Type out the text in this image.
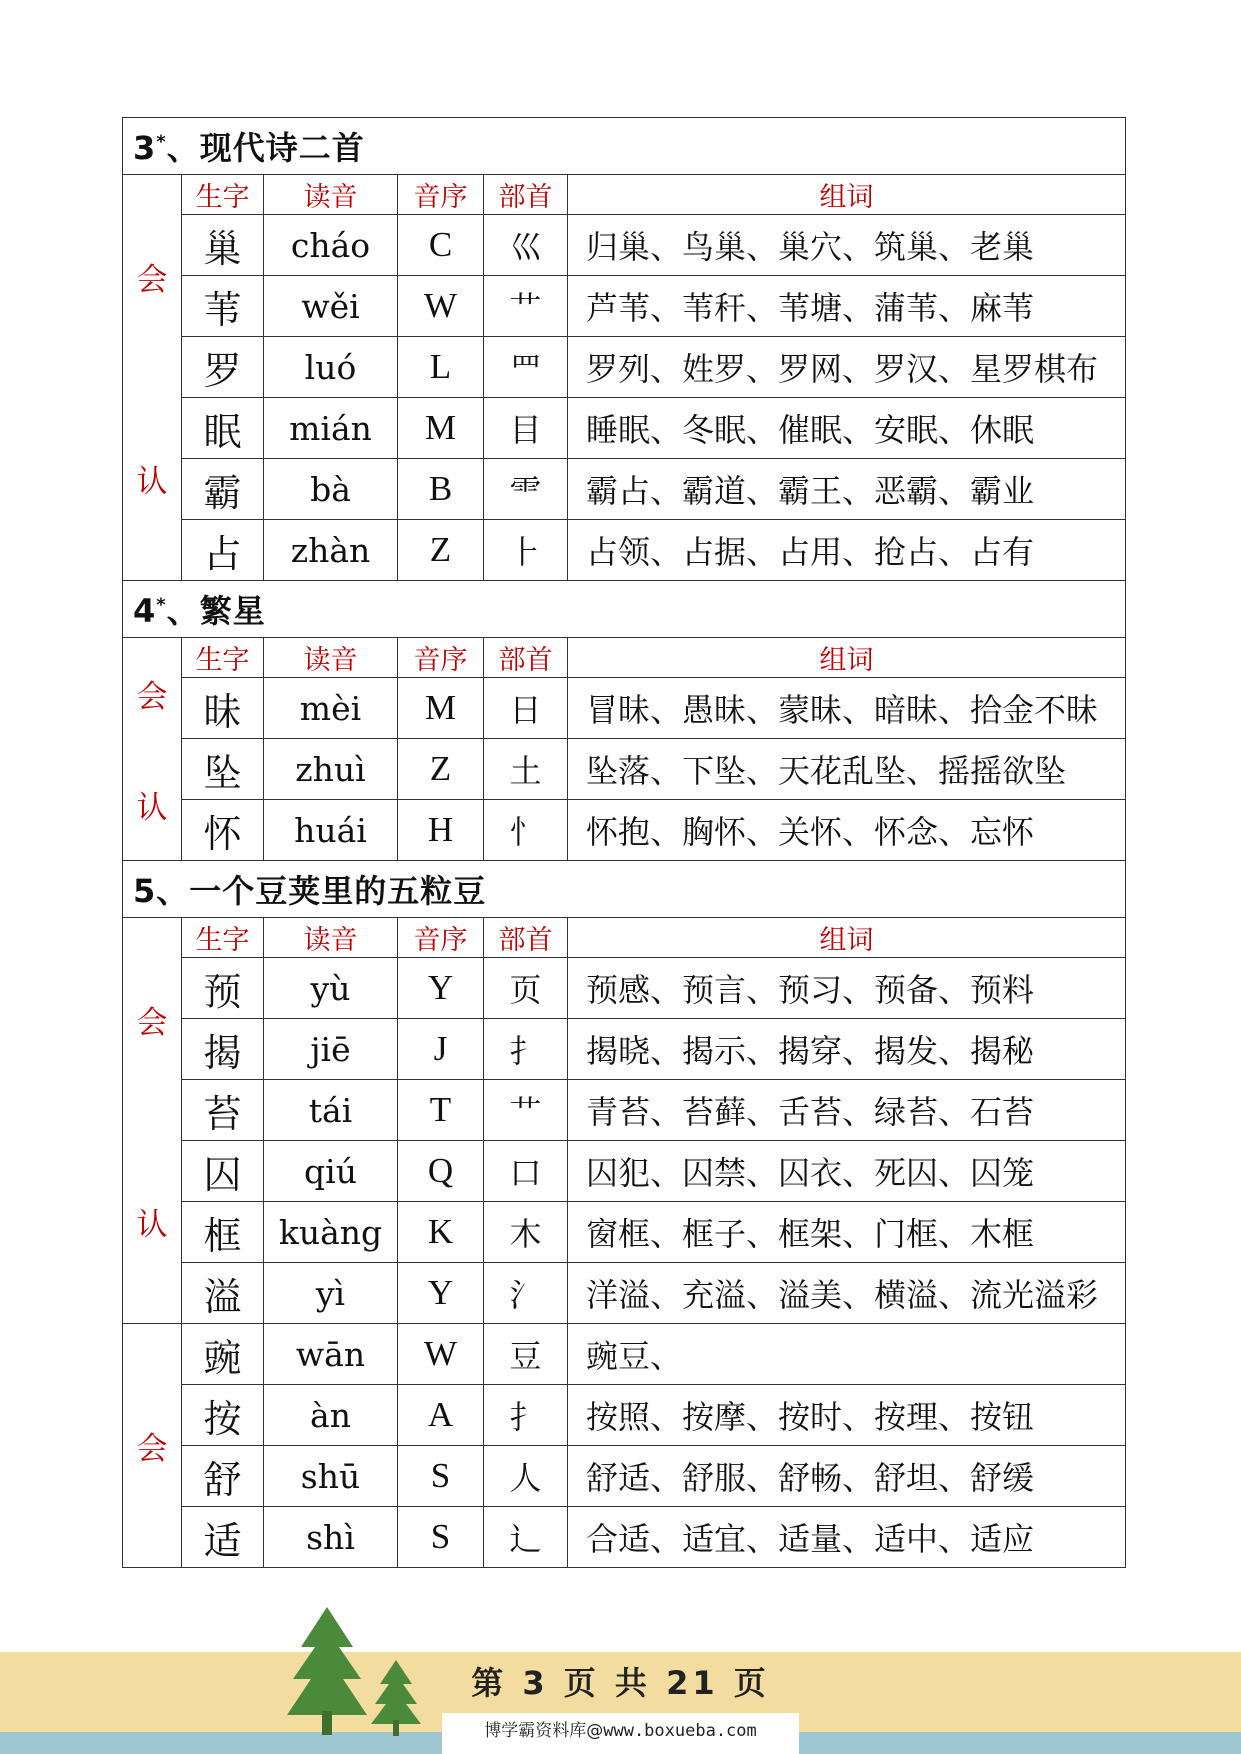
3*、现代诗二首					

会
认	生字	读音	音序	部首	组词
	巢	cháo	C	巛	归巢、鸟巢、巢穴、筑巢、老巢
	苇	wěi	W	艹	芦苇、苇秆、苇塘、蒲苇、麻苇
	罗	luó	L	罒	罗列、姓罗、罗网、罗汉、星罗棋布
	眠	mián	M	目	睡眠、冬眠、催眠、安眠、休眠
	霸	bà	B	⻗	霸占、霸道、霸王、恶霸、霸业
	占	zhàn	Z	⺊	占领、占据、占用、抢占、占有
4*、繁星					

会
认	生字	读音	音序	部首	组词
	昧	mèi	M	日	冒昧、愚昧、蒙昧、暗昧、拾金不昧
	坠	zhuì	Z	土	坠落、下坠、天花乱坠、摇摇欲坠
	怀	huái	H	忄	怀抱、胸怀、关怀、怀念、忘怀
5、一个豆荚里的五粒豆					

会
认	生字	读音	音序	部首	组词
	预	yù	Y	页	预感、预言、预习、预备、预料
	揭	jiē	J	扌	揭晓、揭示、揭穿、揭发、揭秘
	苔	tái	T	艹	青苔、苔藓、舌苔、绿苔、石苔
	囚	qiú	Q	口	囚犯、囚禁、囚衣、死囚、囚笼
	框	kuàng	K	木	窗框、框子、框架、门框、木框
	溢	yì	Y	氵	洋溢、充溢、溢美、横溢、流光溢彩

会	豌	wān	W	豆	豌豆、
	按	àn	A	扌	按照、按摩、按时、按理、按钮
	舒	shū	S	人	舒适、舒服、舒畅、舒坦、舒缓
	适	shì	S	辶	合适、适宜、适量、适中、适应
第 3 页 共 21 页
博学霸资料库@www.boxueba.com
